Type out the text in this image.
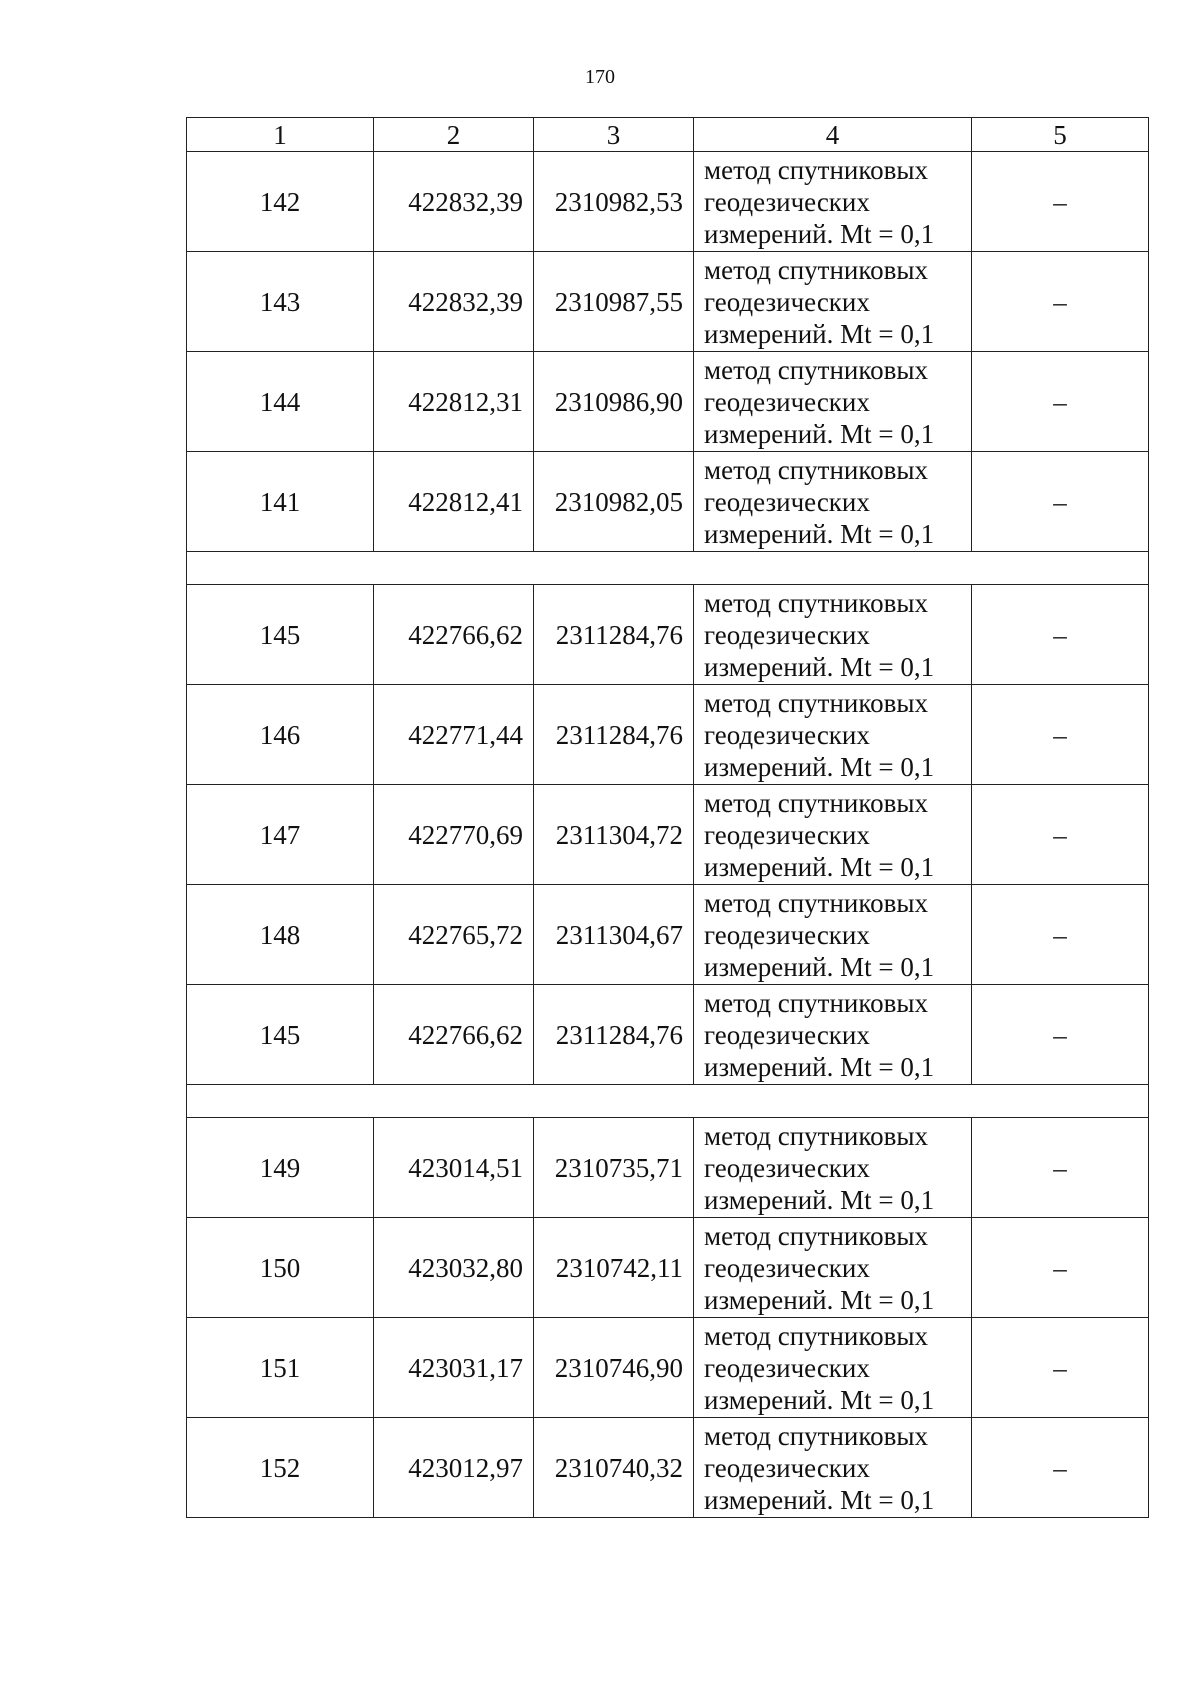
170
1	2	3	4	5
142	422832,39	2310982,53	метод спутниковых
геодезических
измерений. Mt = 0,1	–
143	422832,39	2310987,55	метод спутниковых
геодезических
измерений. Mt = 0,1	–
144	422812,31	2310986,90	метод спутниковых
геодезических
измерений. Mt = 0,1	–
141	422812,41	2310982,05	метод спутниковых
геодезических
измерений. Mt = 0,1	–

145	422766,62	2311284,76	метод спутниковых
геодезических
измерений. Mt = 0,1	–
146	422771,44	2311284,76	метод спутниковых
геодезических
измерений. Mt = 0,1	–
147	422770,69	2311304,72	метод спутниковых
геодезических
измерений. Mt = 0,1	–
148	422765,72	2311304,67	метод спутниковых
геодезических
измерений. Mt = 0,1	–
145	422766,62	2311284,76	метод спутниковых
геодезических
измерений. Mt = 0,1	–

149	423014,51	2310735,71	метод спутниковых
геодезических
измерений. Mt = 0,1	–
150	423032,80	2310742,11	метод спутниковых
геодезических
измерений. Mt = 0,1	–
151	423031,17	2310746,90	метод спутниковых
геодезических
измерений. Mt = 0,1	–
152	423012,97	2310740,32	метод спутниковых
геодезических
измерений. Mt = 0,1	–
